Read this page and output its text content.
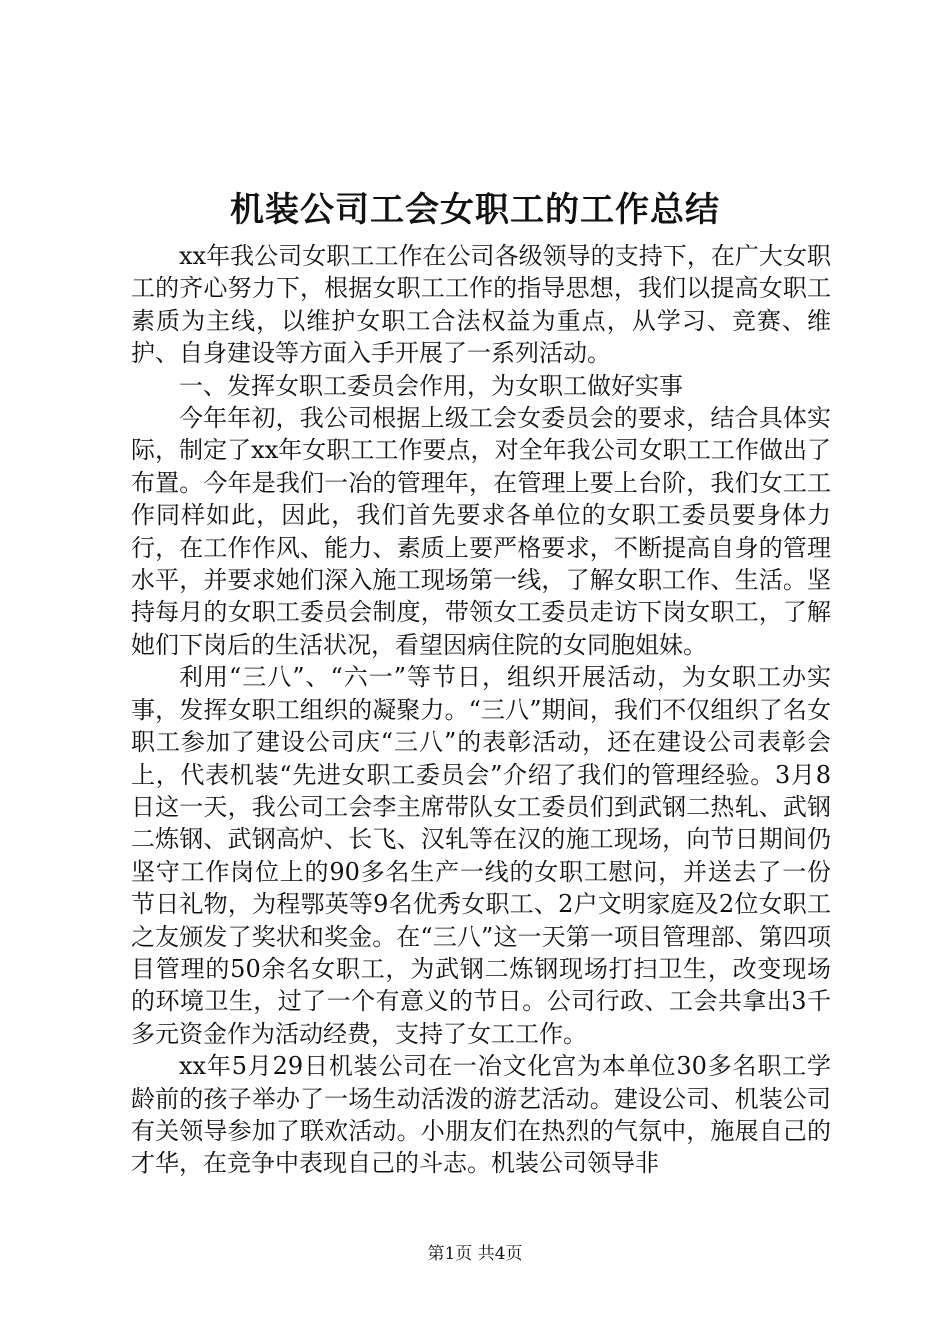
机装公司工会女职工的工作总结

xx年我公司女职工工作在公司各级领导的支持下，在广大女职工的齐心努力下，根据女职工工作的指导思想，我们以提高女职工素质为主线，以维护女职工合法权益为重点，从学习、竞赛、维护、自身建设等方面入手开展了一系列活动。

一、发挥女职工委员会作用，为女职工做好实事

今年年初，我公司根据上级工会女委员会的要求，结合具体实际，制定了xx年女职工工作要点，对全年我公司女职工工作做出了布置。今年是我们一冶的管理年，在管理上要上台阶，我们女工工作同样如此，因此，我们首先要求各单位的女职工委员要身体力行，在工作作风、能力、素质上要严格要求，不断提高自身的管理水平，并要求她们深入施工现场第一线，了解女职工作、生活。坚持每月的女职工委员会制度，带领女工委员走访下岗女职工，了解她们下岗后的生活状况，看望因病住院的女同胞姐妹。

利用“三八”、“六一”等节日，组织开展活动，为女职工办实事，发挥女职工组织的凝聚力。“三八”期间，我们不仅组织了名女职工参加了建设公司庆“三八”的表彰活动，还在建设公司表彰会上，代表机装“先进女职工委员会”介绍了我们的管理经验。3月8日这一天，我公司工会李主席带队女工委员们到武钢二热轧、武钢二炼钢、武钢高炉、长飞、汉轧等在汉的施工现场，向节日期间仍坚守工作岗位上的90多名生产一线的女职工慰问，并送去了一份节日礼物，为程鄂英等9名优秀女职工、2户文明家庭及2位女职工之友颁发了奖状和奖金。在“三八”这一天第一项目管理部、第四项目管理的50余名女职工，为武钢二炼钢现场打扫卫生，改变现场的环境卫生，过了一个有意义的节日。公司行政、工会共拿出3千多元资金作为活动经费，支持了女工工作。

xx年5月29日机装公司在一冶文化宫为本单位30多名职工学龄前的孩子举办了一场生动活泼的游艺活动。建设公司、机装公司有关领导参加了联欢活动。小朋友们在热烈的气氛中，施展自己的才华，在竞争中表现自己的斗志。机装公司领导非

第1页 共4页
